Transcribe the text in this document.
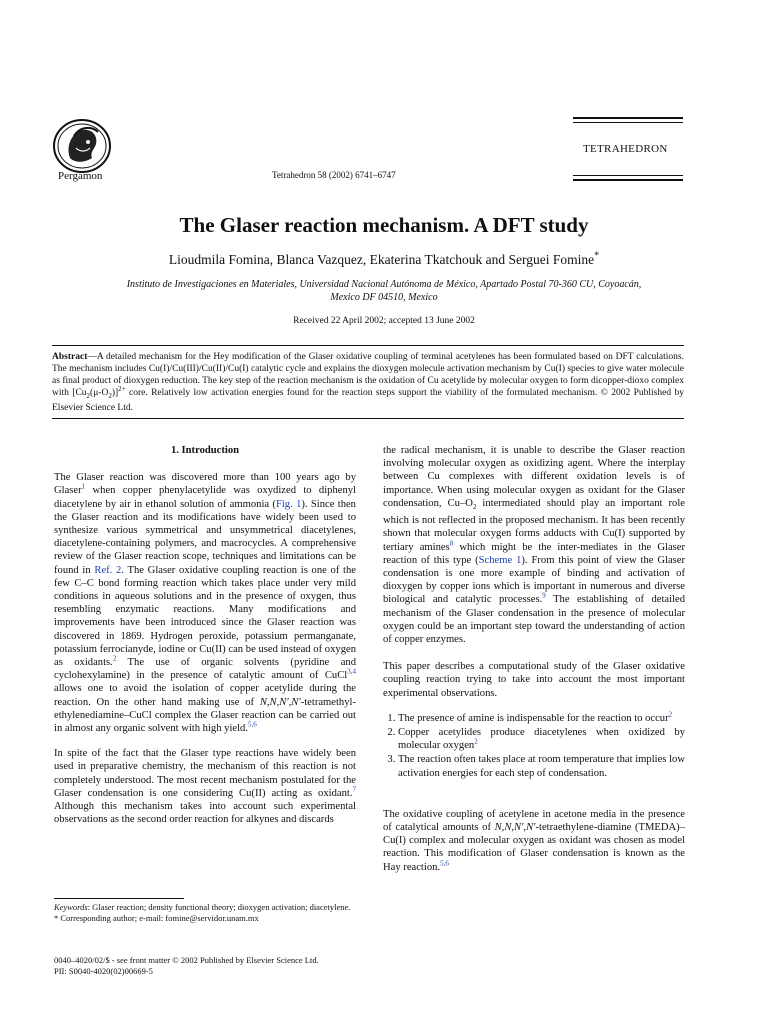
Pergamon	Tetrahedron 58 (2002) 6741–6747
TETRAHEDRON
The Glaser reaction mechanism. A DFT study
Lioudmila Fomina, Blanca Vazquez, Ekaterina Tkatchouk and Serguei Fomine*
Instituto de Investigaciones en Materiales, Universidad Nacional Autónoma de México, Apartado Postal 70-360 CU, Coyoacán,
Mexico DF 04510, Mexico
Received 22 April 2002; accepted 13 June 2002
Abstract—A detailed mechanism for the Hey modification of the Glaser oxidative coupling of terminal acetylenes has been formulated based on DFT calculations. The mechanism includes Cu(I)/Cu(III)/Cu(II)/Cu(I) catalytic cycle and explains the dioxygen molecule activation mechanism by Cu(I) species to give water molecule as final product of dioxygen reduction. The key step of the reaction mechanism is the oxidation of Cu acetylide by molecular oxygen to form dicopper-dioxo complex with $[Cu_2(\mu-O_2)]^{2+}$ core. Relatively low activation energies found for the reaction steps support the viability of the formulated mechanism. © 2002 Published by Elsevier Science Ltd.
1. Introduction

The Glaser reaction was discovered more than 100 years ago by Glaser$^1$ when copper phenylacetylide was oxydized to diphenyl diacetylene by air in ethanol solution of ammonia (Fig. 1). Since then the Glaser reaction and its modifications have widely been used to synthesize various symmetrical and unsymmetrical diacetylenes, diacetylene-containing polymers, and macrocycles. A comprehensive review of the Glaser reaction scope, techniques and limitations can be found in Ref. 2. The Glaser oxidative coupling reaction is one of the few C–C bond forming reaction which takes place under very mild conditions in aqueous solutions and in the presence of oxygen, thus resembling enzymatic reactions. Many modifications and improvements have been introduced since the Glaser reaction was discovered in 1869. Hydrogen peroxide, potassium permanganate, potassium ferrocianyde, iodine or Cu(II) can be used instead of oxygen as oxidants.$^2$ The use of organic solvents (pyridine and cyclohexylamine) in the presence of catalytic amount of CuCl$^{3,4}$ allows one to avoid the isolation of copper acetylide during the reaction. On the other hand making use of N,N,N′,N′-tetramethyl-ethylenediamine–CuCl complex the Glaser reaction can be carried out in almost any organic solvent with high yield.$^{5,6}$

In spite of the fact that the Glaser type reactions have widely been used in preparative chemistry, the mechanism of this reaction is not completely understood. The most recent mechanism postulated for the Glaser condensation is one considering Cu(II) acting as oxidant.$^7$ Although this mechanism takes into account such experimental observations as the second order reaction for alkynes and discards

the radical mechanism, it is unable to describe the Glaser reaction involving molecular oxygen as oxidizing agent. Where the interplay between Cu complexes with different oxidation levels is of importance. When using molecular oxygen as oxidant for the Glaser condensation, $Cu-O_2$ intermediated should play an important role which is not reflected in the proposed mechanism. It has been recently shown that molecular oxygen forms adducts with Cu(I) supported by tertiary amines$^8$ which might be the inter-mediates in the Glaser reaction of this type (Scheme 1). From this point of view the Glaser condensation is one more example of binding and activation of dioxygen by copper ions which is important in numerous and diverse biological and catalytic processes.$^9$ The establishing of detailed mechanism of the Glaser condensation in the presence of molecular oxygen could be an important step toward the understanding of action of copper enzymes.

This paper describes a computational study of the Glaser oxidative coupling reaction trying to take into account the most important experimental observations.

1. The presence of amine is indispensable for the reaction to occur$^2$
2. Copper acetylides produce diacetylenes when oxidized by molecular oxygen$^2$
3. The reaction often takes place at room temperature that implies low activation energies for each step of condensation.

The oxidative coupling of acetylene in acetone media in the presence of catalytical amounts of N,N,N′,N′-tetraethylene-diamine (TMEDA)–Cu(I) complex and molecular oxygen as oxidant was chosen as model reaction. This modification of Glaser condensation is known as the Hay reaction.$^{5,6}$

Keywords: Glaser reaction; density functional theory; dioxygen activation; diacetylene.
* Corresponding author; e-mail: fomine@servidor.unam.mx
0040–4020/02/$ - see front matter © 2002 Published by Elsevier Science Ltd.
PII: S0040-4020(02)00669-5
